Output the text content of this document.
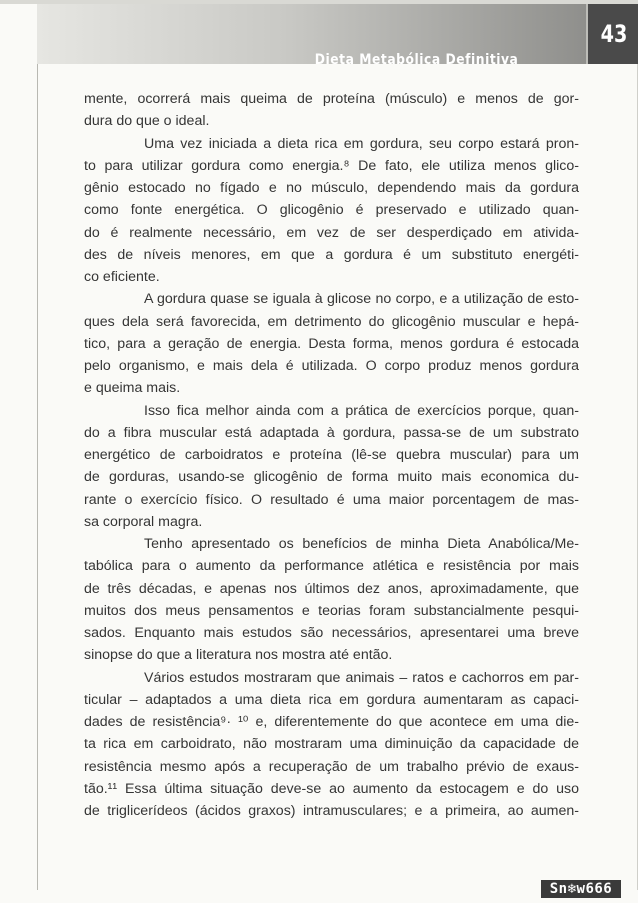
Dieta Metabólica Definitiva
43
mente, ocorrerá mais queima de proteína (músculo) e menos de gor-
dura do que o ideal.
Uma vez iniciada a dieta rica em gordura, seu corpo estará pron-
to para utilizar gordura como energia.⁸ De fato, ele utiliza menos glico-
gênio estocado no fígado e no músculo, dependendo mais da gordura
como fonte energética. O glicogênio é preservado e utilizado quan-
do é realmente necessário, em vez de ser desperdiçado em ativida-
des de níveis menores, em que a gordura é um substituto energéti-
co eficiente.
A gordura quase se iguala à glicose no corpo, e a utilização de esto-
ques dela será favorecida, em detrimento do glicogênio muscular e hepá-
tico, para a geração de energia. Desta forma, menos gordura é estocada
pelo organismo, e mais dela é utilizada. O corpo produz menos gordura
e queima mais.
Isso fica melhor ainda com a prática de exercícios porque, quan-
do a fibra muscular está adaptada à gordura, passa-se de um substrato
energético de carboidratos e proteína (lê-se quebra muscular) para um
de gorduras, usando-se glicogênio de forma muito mais economica du-
rante o exercício físico. O resultado é uma maior porcentagem de mas-
sa corporal magra.
Tenho apresentado os benefícios de minha Dieta Anabólica/Me-
tabólica para o aumento da performance atlética e resistência por mais
de três décadas, e apenas nos últimos dez anos, aproximadamente, que
muitos dos meus pensamentos e teorias foram substancialmente pesqui-
sados. Enquanto mais estudos são necessários, apresentarei uma breve
sinopse do que a literatura nos mostra até então.
Vários estudos mostraram que animais – ratos e cachorros em par-
ticular – adaptados a uma dieta rica em gordura aumentaram as capaci-
dades de resistência⁹· ¹⁰ e, diferentemente do que acontece em uma die-
ta rica em carboidrato, não mostraram uma diminuição da capacidade de
resistência mesmo após a recuperação de um trabalho prévio de exaus-
tão.¹¹ Essa última situação deve-se ao aumento da estocagem e do uso
de triglicerídeos (ácidos graxos) intramusculares; e a primeira, ao aumen-
Sn❄w666
